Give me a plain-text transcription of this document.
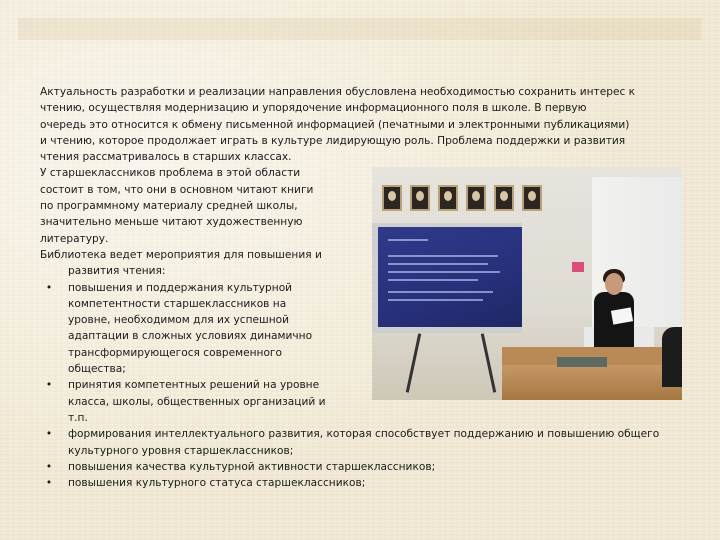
Актуальность разработки и реализации направления обусловлена необходимостью сохранить интерес к
чтению, осуществляя модернизацию и упорядочение информационного поля в школе. В первую
очередь это относится к обмену письменной информацией (печатными и электронными публикациями)
и чтению, которое продолжает играть в культуре лидирующую роль. Проблема поддержки и развития
чтения рассматривалось в старших классах.

У старшеклассников проблема в этой области
состоит в том, что они в основном читают книги
по программному материалу средней школы,
значительно меньше читают художественную
литературу.
Библиотека ведет мероприятия для повышения и
развития чтения:
• повышения и поддержания культурной
компетентности старшеклассников на
уровне, необходимом для их успешной
адаптации в сложных условиях динамично
трансформирующегося современного
общества;
• принятия компетентных решений на уровне
класса, школы, общественных организаций и
т.п.
• формирования интеллектуального развития, которая способствует поддержанию и повышению общего
культурного уровня старшеклассников;
• повышения качества культурной активности старшеклассников;
• повышения культурного статуса старшеклассников;
